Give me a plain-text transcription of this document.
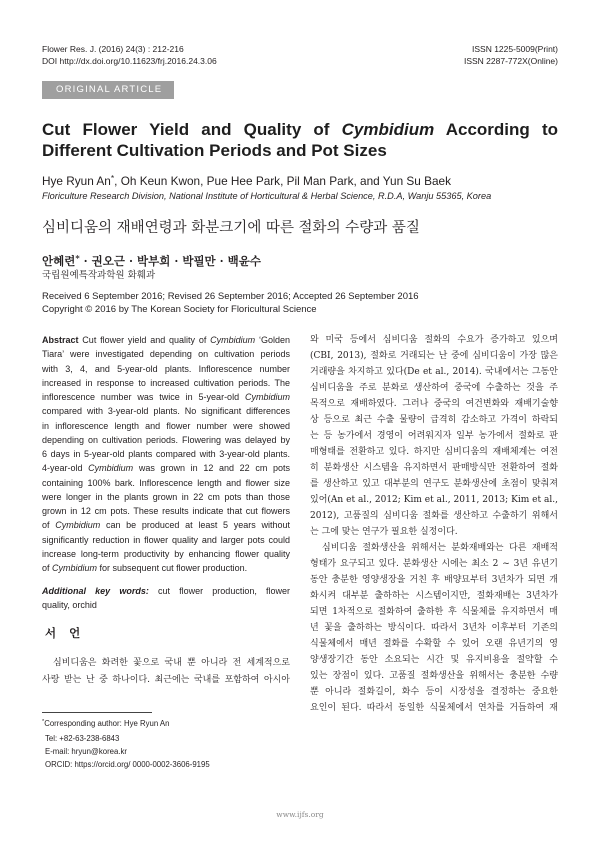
Flower Res. J. (2016) 24(3) : 212-216
DOI http://dx.doi.org/10.11623/frj.2016.24.3.06
ISSN 1225-5009(Print)
ISSN 2287-772X(Online)
ORIGINAL ARTICLE
Cut Flower Yield and Quality of Cymbidium According to
Different Cultivation Periods and Pot Sizes
Hye Ryun An*, Oh Keun Kwon, Pue Hee Park, Pil Man Park, and Yun Su Baek
Floriculture Research Division, National Institute of Horticultural & Herbal Science, R.D.A, Wanju 55365, Korea
심비디움의 재배연령과 화분크기에 따른 절화의 수량과 품질
안혜련* · 권오근 · 박부희 · 박필만 · 백윤수
국립원예특작과학원 화훼과
Received 6 September 2016; Revised 26 September 2016; Accepted 26 September 2016
Copyright © 2016 by The Korean Society for Floricultural Science
Abstract Cut flower yield and quality of Cymbidium ‘Golden
Tiara’ were investigated depending on cultivation periods
with 3, 4, and 5-year-old plants. Inflorescence number
increased in response to increased cultivation periods. The
inflorescence number was twice in 5-year-old Cymbidium
compared with 3-year-old plants. No significant differences
in inflorescence length and flower number were showed
depending on cultivation periods. Flowering was delayed by
6 days in 5-year-old plants compared with 3-year-old plants.
4-year-old Cymbidium was grown in 12 and 22 cm pots
containing 100% bark. Inflorescence length and flower size
were longer in the plants grown in 22 cm pots than those
grown in 12 cm pots. These results indicate that cut flowers
of Cymbidium can be produced at least 5 years without
significantly reduction in flower quality and larger pots could
increase long-term productivity by enhancing flower quality
of Cymbidium for subsequent cut flower production.
Additional key words: cut flower production, flower
quality, orchid
서 언
심비디움은 화려한 꽃으로 국내 뿐 아니라 전 세계적으로
사랑 받는 난 중 하나이다. 최근에는 국내를 포함하여 아시아
*Corresponding author: Hye Ryun An
Tel: +82-63-238-6843
E-mail: hryun@korea.kr
ORCID: https://orcid.org/ 0000-0002-3606-9195
와 미국 등에서 심비디움 절화의 수요가 증가하고 있으며
(CBI, 2013), 절화로 거래되는 난 중에 심비디움이 가장 많은
거래량을 차지하고 있다(De et al., 2014). 국내에서는 그동안
심비디움을 주로 분화로 생산하여 중국에 수출하는 것을 주
목적으로 재배하였다. 그러나 중국의 여건변화와 재배기술향
상 등으로 최근 수출 물량이 급격히 감소하고 가격이 하락되
는 등 농가에서 경영이 어려워지자 일부 농가에서 절화로 판
매형태를 전환하고 있다. 하지만 심비디움의 재배체계는 여전
히 분화생산 시스템을 유지하면서 판매방식만 전환하여 절화
를 생산하고 있고 대부분의 연구도 분화생산에 초점이 맞춰져
있어(An et al., 2012; Kim et al., 2011, 2013; Kim et al.,
2012), 고품질의 심비디움 절화를 생산하고 수출하기 위해서
는 그에 맞는 연구가 필요한 실정이다.
심비디움 절화생산을 위해서는 분화재배와는 다른 재배적
형태가 요구되고 있다. 분화생산 시에는 최소 2 ~ 3년 유년기
동안 충분한 영양생장을 거친 후 배양묘부터 3년차가 되면 개
화시켜 대부분 출하하는 시스템이지만, 절화재배는 3년차가
되면 1차적으로 절화하여 출하한 후 식물체를 유지하면서 매
년 꽃을 출하하는 방식이다. 따라서 3년차 이후부터 기존의
식물체에서 매년 절화를 수확할 수 있어 오랜 유년기의 영
양생장기간 동안 소요되는 시간 및 유지비용을 절약할 수
있는 장점이 있다. 고품질 절화생산을 위해서는 충분한 수량
뿐 아니라 절화길이, 화수 등이 시장성을 결정하는 중요한
요인이 된다. 따라서 동일한 식물체에서 연차를 거듭하여 재
www.ijfs.org
